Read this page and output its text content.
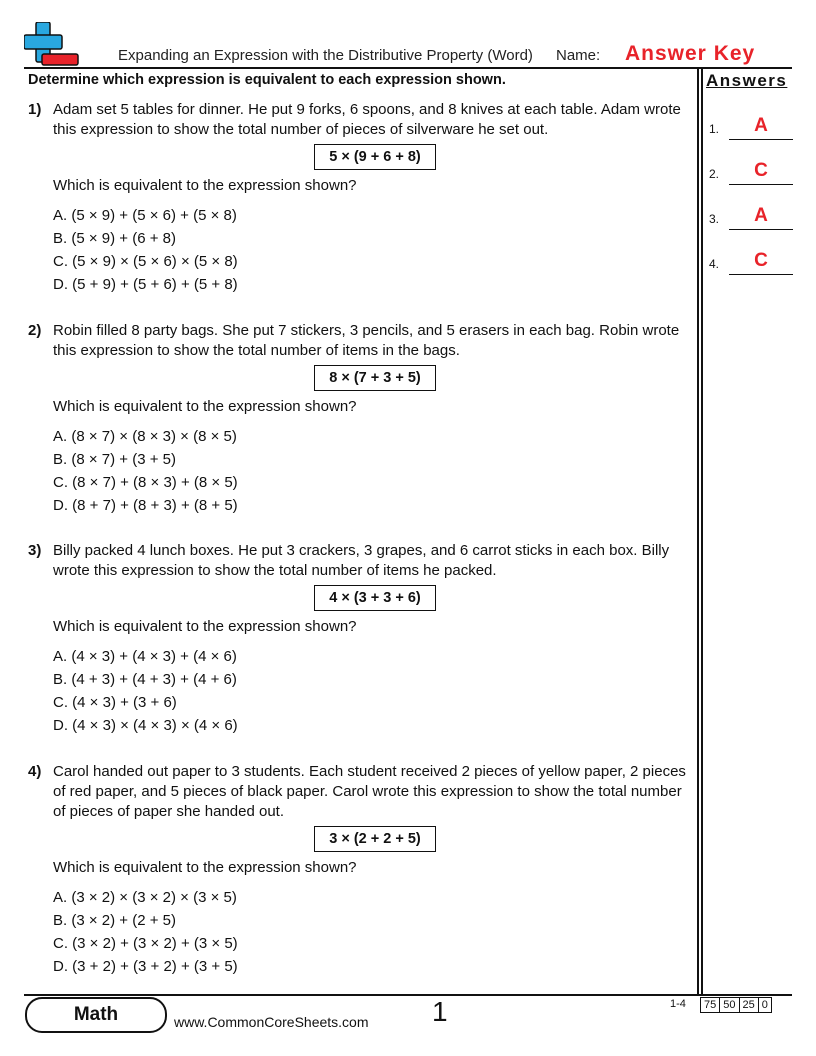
Expanding an Expression with the Distributive Property (Word) Name: Answer Key
Determine which expression is equivalent to each expression shown.	Answers
1.	A
2.	C
3.	A
4.	C
1) Adam set 5 tables for dinner. He put 9 forks, 6 spoons, and 8 knives at each table. Adam wrote this expression to show the total number of pieces of silverware he set out.
5 × (9 + 6 + 8)
Which is equivalent to the expression shown?
A. (5 × 9) + (5 × 6) + (5 × 8)
B. (5 × 9) + (6 + 8)
C. (5 × 9) × (5 × 6) × (5 × 8)
D. (5 + 9) + (5 + 6) + (5 + 8)
2) Robin filled 8 party bags. She put 7 stickers, 3 pencils, and 5 erasers in each bag. Robin wrote this expression to show the total number of items in the bags.
8 × (7 + 3 + 5)
Which is equivalent to the expression shown?
A. (8 × 7) × (8 × 3) × (8 × 5)
B. (8 × 7) + (3 + 5)
C. (8 × 7) + (8 × 3) + (8 × 5)
D. (8 + 7) + (8 + 3) + (8 + 5)
3) Billy packed 4 lunch boxes. He put 3 crackers, 3 grapes, and 6 carrot sticks in each box. Billy wrote this expression to show the total number of items he packed.
4 × (3 + 3 + 6)
Which is equivalent to the expression shown?
A. (4 × 3) + (4 × 3) + (4 × 6)
B. (4 + 3) + (4 + 3) + (4 + 6)
C. (4 × 3) + (3 + 6)
D. (4 × 3) × (4 × 3) × (4 × 6)
4) Carol handed out paper to 3 students. Each student received 2 pieces of yellow paper, 2 pieces of red paper, and 5 pieces of black paper. Carol wrote this expression to show the total number of pieces of paper she handed out.
3 × (2 + 2 + 5)
Which is equivalent to the expression shown?
A. (3 × 2) × (3 × 2) × (3 × 5)
B. (3 × 2) + (2 + 5)
C. (3 × 2) + (3 × 2) + (3 × 5)
D. (3 + 2) + (3 + 2) + (3 + 5)
Math	www.CommonCoreSheets.com 1	1-4 75	50	25	0
